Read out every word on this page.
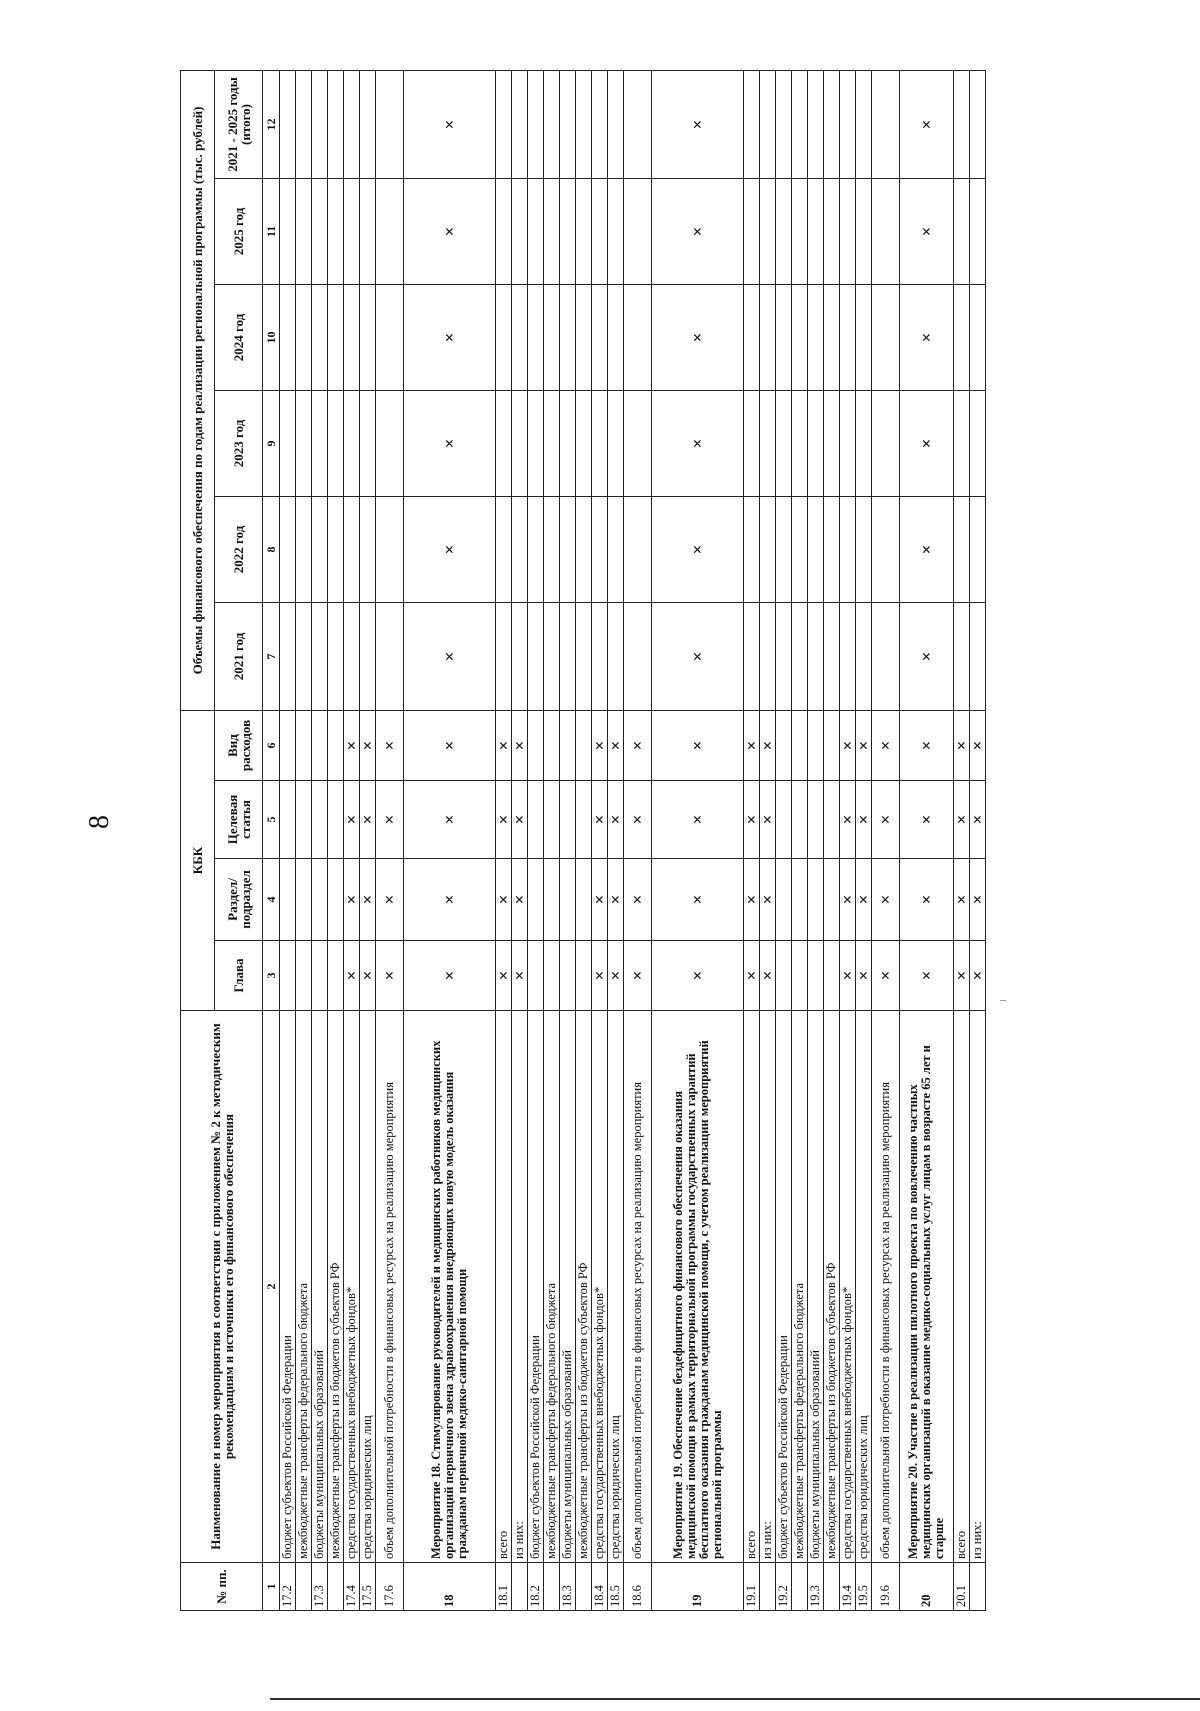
8
№ пп.	Наименование и номер мероприятия в соответствии с приложением № 2 к методическим рекомендациям и источники его финансового обеспечения	КБК				Объемы финансового обеспечения по годам реализации региональной программы (тыс. рублей)					
		Глава	Раздел/ подраздел	Целевая статья	Вид расходов	2021 год	2022 год	2023 год	2024 год	2025 год	2021 - 2025 годы (итого)
1	2	3	4	5	6	7	8	9	10	11	12
17.2	бюджет субъектов Российской Федерации										
	межбюджетные трансферты федерального бюджета										
17.3	бюджеты муниципальных образований										
	межбюджетные трансферты из бюджетов субъектов РФ										
17.4	средства государственных внебюджетных фондов*	×	×	×	×						
17.5	средства юридических лиц	×	×	×	×						
17.6	объем дополнительной потребности в финансовых ресурсах на реализацию мероприятия	×	×	×	×						
18	Мероприятие 18. Стимулирование руководителей и медицинских работников медицинских организаций первичного звена здравоохранения внедряющих новую модель оказания гражданам первичной медико-санитарной помощи	×	×	×	×	×	×	×	×	×	×
18.1	всего	×	×	×	×						
	из них:	×	×	×	×						
18.2	бюджет субъектов Российской Федерации										
	межбюджетные трансферты федерального бюджета										
18.3	бюджеты муниципальных образований										
	межбюджетные трансферты из бюджетов субъектов РФ										
18.4	средства государственных внебюджетных фондов*	×	×	×	×						
18.5	средства юридических лиц	×	×	×	×						
18.6	объем дополнительной потребности в финансовых ресурсах на реализацию мероприятия	×	×	×	×						
19	Мероприятие 19. Обеспечение бездефицитного финансового обеспечения оказания медицинской помощи в рамках территориальной программы государственных гарантий бесплатного оказания гражданам медицинской помощи, с учетом реализации мероприятий региональной программы	×	×	×	×	×	×	×	×	×	×
19.1	всего	×	×	×	×						
	из них:	×	×	×	×						
19.2	бюджет субъектов Российской Федерации										
	межбюджетные трансферты федерального бюджета										
19.3	бюджеты муниципальных образований										
	межбюджетные трансферты из бюджетов субъектов РФ										
19.4	средства государственных внебюджетных фондов*	×	×	×	×						
19.5	средства юридических лиц	×	×	×	×						
19.6	объем дополнительной потребности в финансовых ресурсах на реализацию мероприятия	×	×	×	×						
20	Мероприятие 20. Участие в реализации пилотного проекта по вовлечению частных медицинских организаций в оказание медико-социальных услуг лицам в возрасте 65 лет и старше	×	×	×	×	×	×	×	×	×	×
20.1	всего	×	×	×	×						
	из них:	×	×	×	×						
